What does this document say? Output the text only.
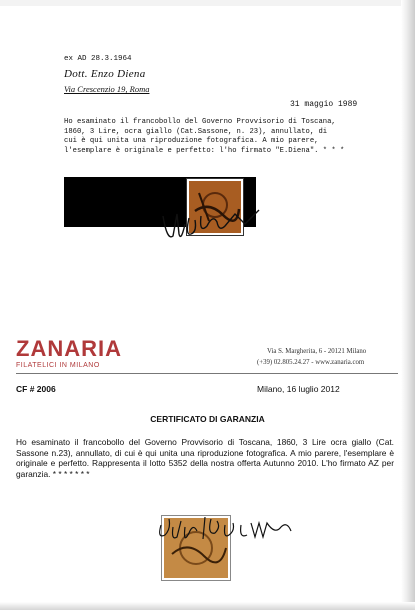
ex AD 28.3.1964
Dott. Enzo Diena
Via Crescenzio 19, Roma
31 maggio 1989
Ho esaminato il francobollo del Governo Provvisorio di Toscana,
1860, 3 Lire, ocra giallo (Cat.Sassone, n. 23), annullato, di
cui è qui unita una riproduzione fotografica. A mio parere,
l'esemplare è originale e perfetto: l'ho firmato "E.Diena". * * *
ZANARIA
FILATELICI IN MILANO
Via S. Margherita, 6 - 20121 Milano
(+39) 02.805.24.27 - www.zanaria.com
CF # 2006	Milano, 16 luglio 2012
CERTIFICATO DI GARANZIA
Ho esaminato il francobollo del Governo Provvisorio di Toscana, 1860, 3 Lire ocra giallo (Cat. Sassone n.23), annullato, di cui è qui unita una riproduzione fotografica. A mio parere, l'esemplare è originale e perfetto. Rappresenta il lotto 5352 della nostra offerta Autunno 2010. L'ho firmato AZ per garanzia. * * * * * * *
